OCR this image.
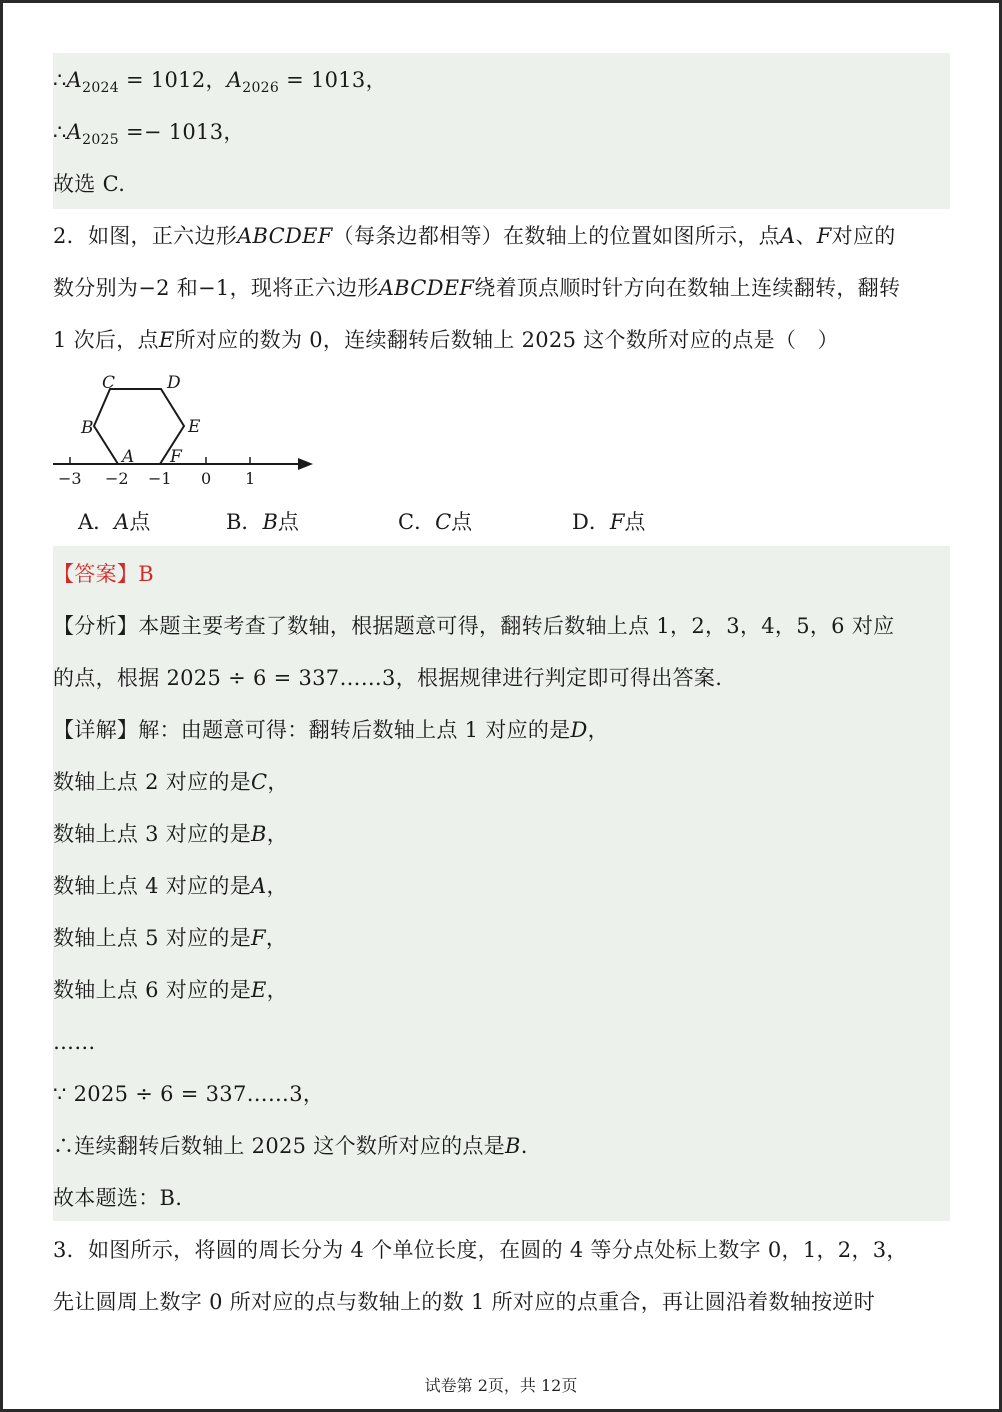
$\therefore A_{2024} = 1012$，$A_{2026} = 1013$，
$\therefore A_{2025} =- 1013$，
故选 C.
2．如图，正六边形ABCDEF（每条边都相等）在数轴上的位置如图所示，点A、F对应的
数分别为−2 和−1，现将正六边形ABCDEF绕着顶点顺时针方向在数轴上连续翻转，翻转
1 次后，点E所对应的数为 0，连续翻转后数轴上 2025 这个数所对应的点是（　）
C	D
B	E
A F
−3 −2 −1 0 1
A．A点	B．B点	C．C点	D．F点
【答案】B
【分析】本题主要考查了数轴，根据题意可得，翻转后数轴上点 1，2，3，4，5，6 对应
的点，根据 2025 ÷ 6 = 337……3，根据规律进行判定即可得出答案.
【详解】解：由题意可得：翻转后数轴上点 1 对应的是D，
数轴上点 2 对应的是C，
数轴上点 3 对应的是B，
数轴上点 4 对应的是A，
数轴上点 5 对应的是F，
数轴上点 6 对应的是E，
……
∵ 2025 ÷ 6 = 337……3，
∴连续翻转后数轴上 2025 这个数所对应的点是B.
故本题选：B.
3．如图所示，将圆的周长分为 4 个单位长度，在圆的 4 等分点处标上数字 0，1，2，3，
先让圆周上数字 0 所对应的点与数轴上的数 1 所对应的点重合，再让圆沿着数轴按逆时
试卷第 2页，共 12页
